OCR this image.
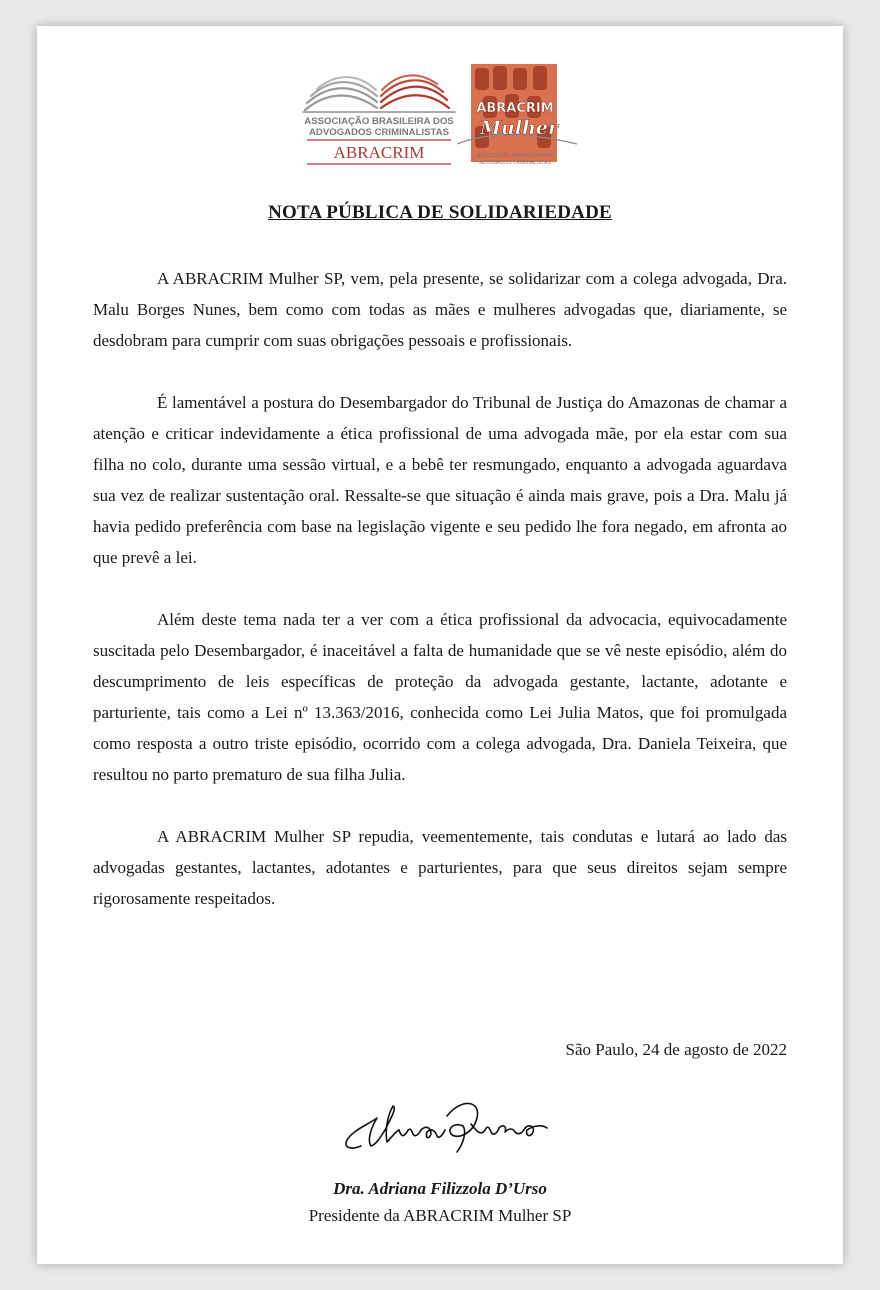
ASSOCIAÇÃO BRASILEIRA DOS
ADVOGADOS CRIMINALISTAS
ABRACRIM
ABRACRIM
Mulher
ASSOCIAÇÃO BRASILEIRA DOS
ADVOGADOS CRIMINALISTAS
NOTA PÚBLICA DE SOLIDARIEDADE

A ABRACRIM Mulher SP, vem, pela presente, se solidarizar com a colega advogada, Dra. Malu Borges Nunes, bem como com todas as mães e mulheres advogadas que, diariamente, se desdobram para cumprir com suas obrigações pessoais e profissionais.

É lamentável a postura do Desembargador do Tribunal de Justiça do Amazonas de chamar a atenção e criticar indevidamente a ética profissional de uma advogada mãe, por ela estar com sua filha no colo, durante uma sessão virtual, e a bebê ter resmungado, enquanto a advogada aguardava sua vez de realizar sustentação oral. Ressalte-se que situação é ainda mais grave, pois a Dra. Malu já havia pedido preferência com base na legislação vigente e seu pedido lhe fora negado, em afronta ao que prevê a lei.

Além deste tema nada ter a ver com a ética profissional da advocacia, equivocadamente suscitada pelo Desembargador, é inaceitável a falta de humanidade que se vê neste episódio, além do descumprimento de leis específicas de proteção da advogada gestante, lactante, adotante e parturiente, tais como a Lei nº 13.363/2016, conhecida como Lei Julia Matos, que foi promulgada como resposta a outro triste episódio, ocorrido com a colega advogada, Dra. Daniela Teixeira, que resultou no parto prematuro de sua filha Julia.

A ABRACRIM Mulher SP repudia, veementemente, tais condutas e lutará ao lado das advogadas gestantes, lactantes, adotantes e parturientes, para que seus direitos sejam sempre rigorosamente respeitados.

São Paulo, 24 de agosto de 2022
Dra. Adriana Filizzola D’Urso
Presidente da ABRACRIM Mulher SP
